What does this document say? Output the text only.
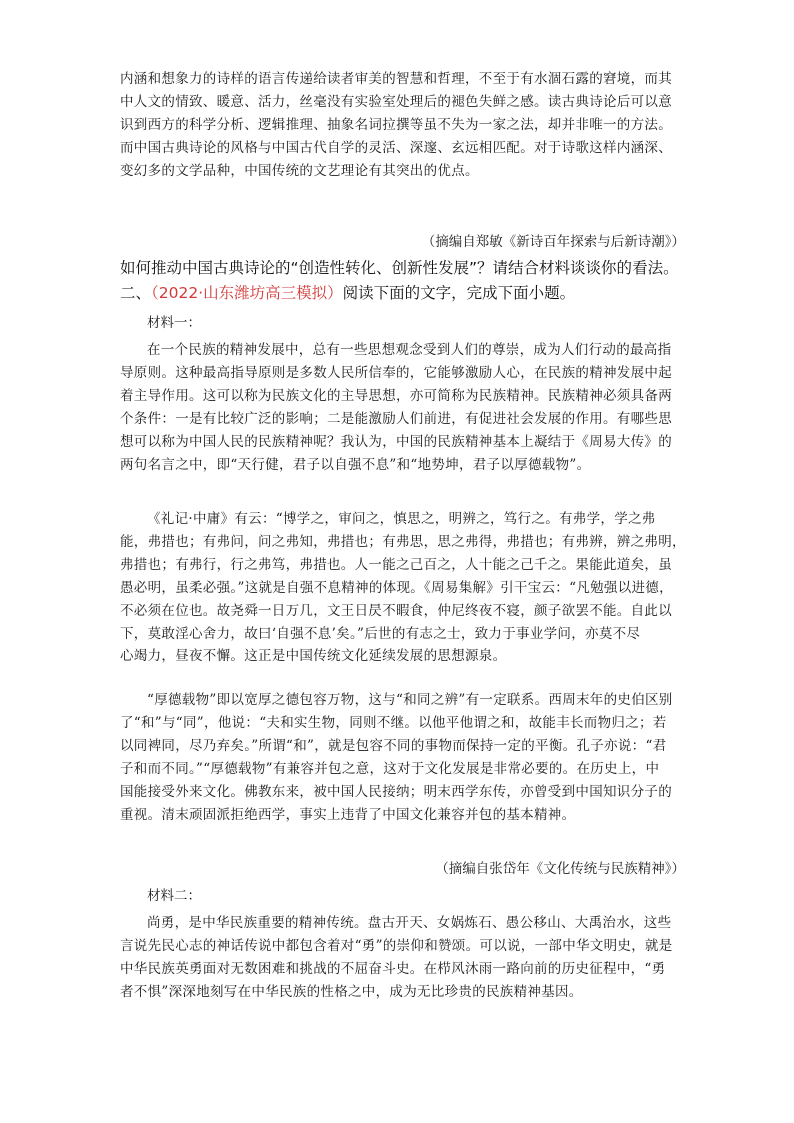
内涵和想象力的诗样的语言传递给读者审美的智慧和哲理，不至于有水涸石露的窘境，而其
中人文的情致、暖意、活力，丝毫没有实验室处理后的褪色失鲜之感。读古典诗论后可以意
识到西方的科学分析、逻辑推理、抽象名词拉撰等虽不失为一家之法，却并非唯一的方法。
而中国古典诗论的风格与中国古代自学的灵活、深邃、玄远相匹配。对于诗歌这样内涵深、
变幻多的文学品种，中国传统的文艺理论有其突出的优点。
（摘编自郑敏《新诗百年探索与后新诗潮》）
如何推动中国古典诗论的“创造性转化、创新性发展”？请结合材料谈谈你的看法。
二、（2022·山东潍坊高三模拟）阅读下面的文字，完成下面小题。
材料一：
在一个民族的精神发展中，总有一些思想观念受到人们的尊崇，成为人们行动的最高指
导原则。这种最高指导原则是多数人民所信奉的，它能够激励人心，在民族的精神发展中起
着主导作用。这可以称为民族文化的主导思想，亦可简称为民族精神。民族精神必须具备两
个条件：一是有比较广泛的影响；二是能激励人们前进，有促进社会发展的作用。有哪些思
想可以称为中国人民的民族精神呢？我认为，中国的民族精神基本上凝结于《周易大传》的
两句名言之中，即“天行健，君子以自强不息”和“地势坤，君子以厚德载物”。
《礼记·中庸》有云：“博学之，审问之，慎思之，明辨之，笃行之。有弗学，学之弗
能，弗措也；有弗问，问之弗知，弗措也；有弗思，思之弗得，弗措也；有弗辨，辨之弗明，
弗措也；有弗行，行之弗笃，弗措也。人一能之己百之，人十能之己千之。果能此道矣，虽
愚必明，虽柔必强。”这就是自强不息精神的体现。《周易集解》引干宝云：“凡勉强以进德，
不必须在位也。故尧舜一日万几，文王日昃不暇食，仲尼终夜不寝，颜子欲罢不能。自此以
下，莫敢淫心舍力，故曰‘自强不息’矣。”后世的有志之士，致力于事业学问，亦莫不尽
心竭力，昼夜不懈。这正是中国传统文化延续发展的思想源泉。
“厚德载物”即以宽厚之德包容万物，这与“和同之辨”有一定联系。西周末年的史伯区别
了“和”与“同”，他说：“夫和实生物，同则不继。以他平他谓之和，故能丰长而物归之；若
以同裨同，尽乃弃矣。”所谓“和”，就是包容不同的事物而保持一定的平衡。孔子亦说：“君
子和而不同。”“厚德载物”有兼容并包之意，这对于文化发展是非常必要的。在历史上，中
国能接受外来文化。佛教东来，被中国人民接纳；明末西学东传，亦曾受到中国知识分子的
重视。清末顽固派拒绝西学，事实上违背了中国文化兼容并包的基本精神。
（摘编自张岱年《文化传统与民族精神》）
材料二：
尚勇，是中华民族重要的精神传统。盘古开天、女娲炼石、愚公移山、大禹治水，这些
言说先民心志的神话传说中都包含着对“勇”的崇仰和赞颂。可以说，一部中华文明史，就是
中华民族英勇面对无数困难和挑战的不屈奋斗史。在栉风沐雨一路向前的历史征程中，“勇
者不惧”深深地刻写在中华民族的性格之中，成为无比珍贵的民族精神基因。
